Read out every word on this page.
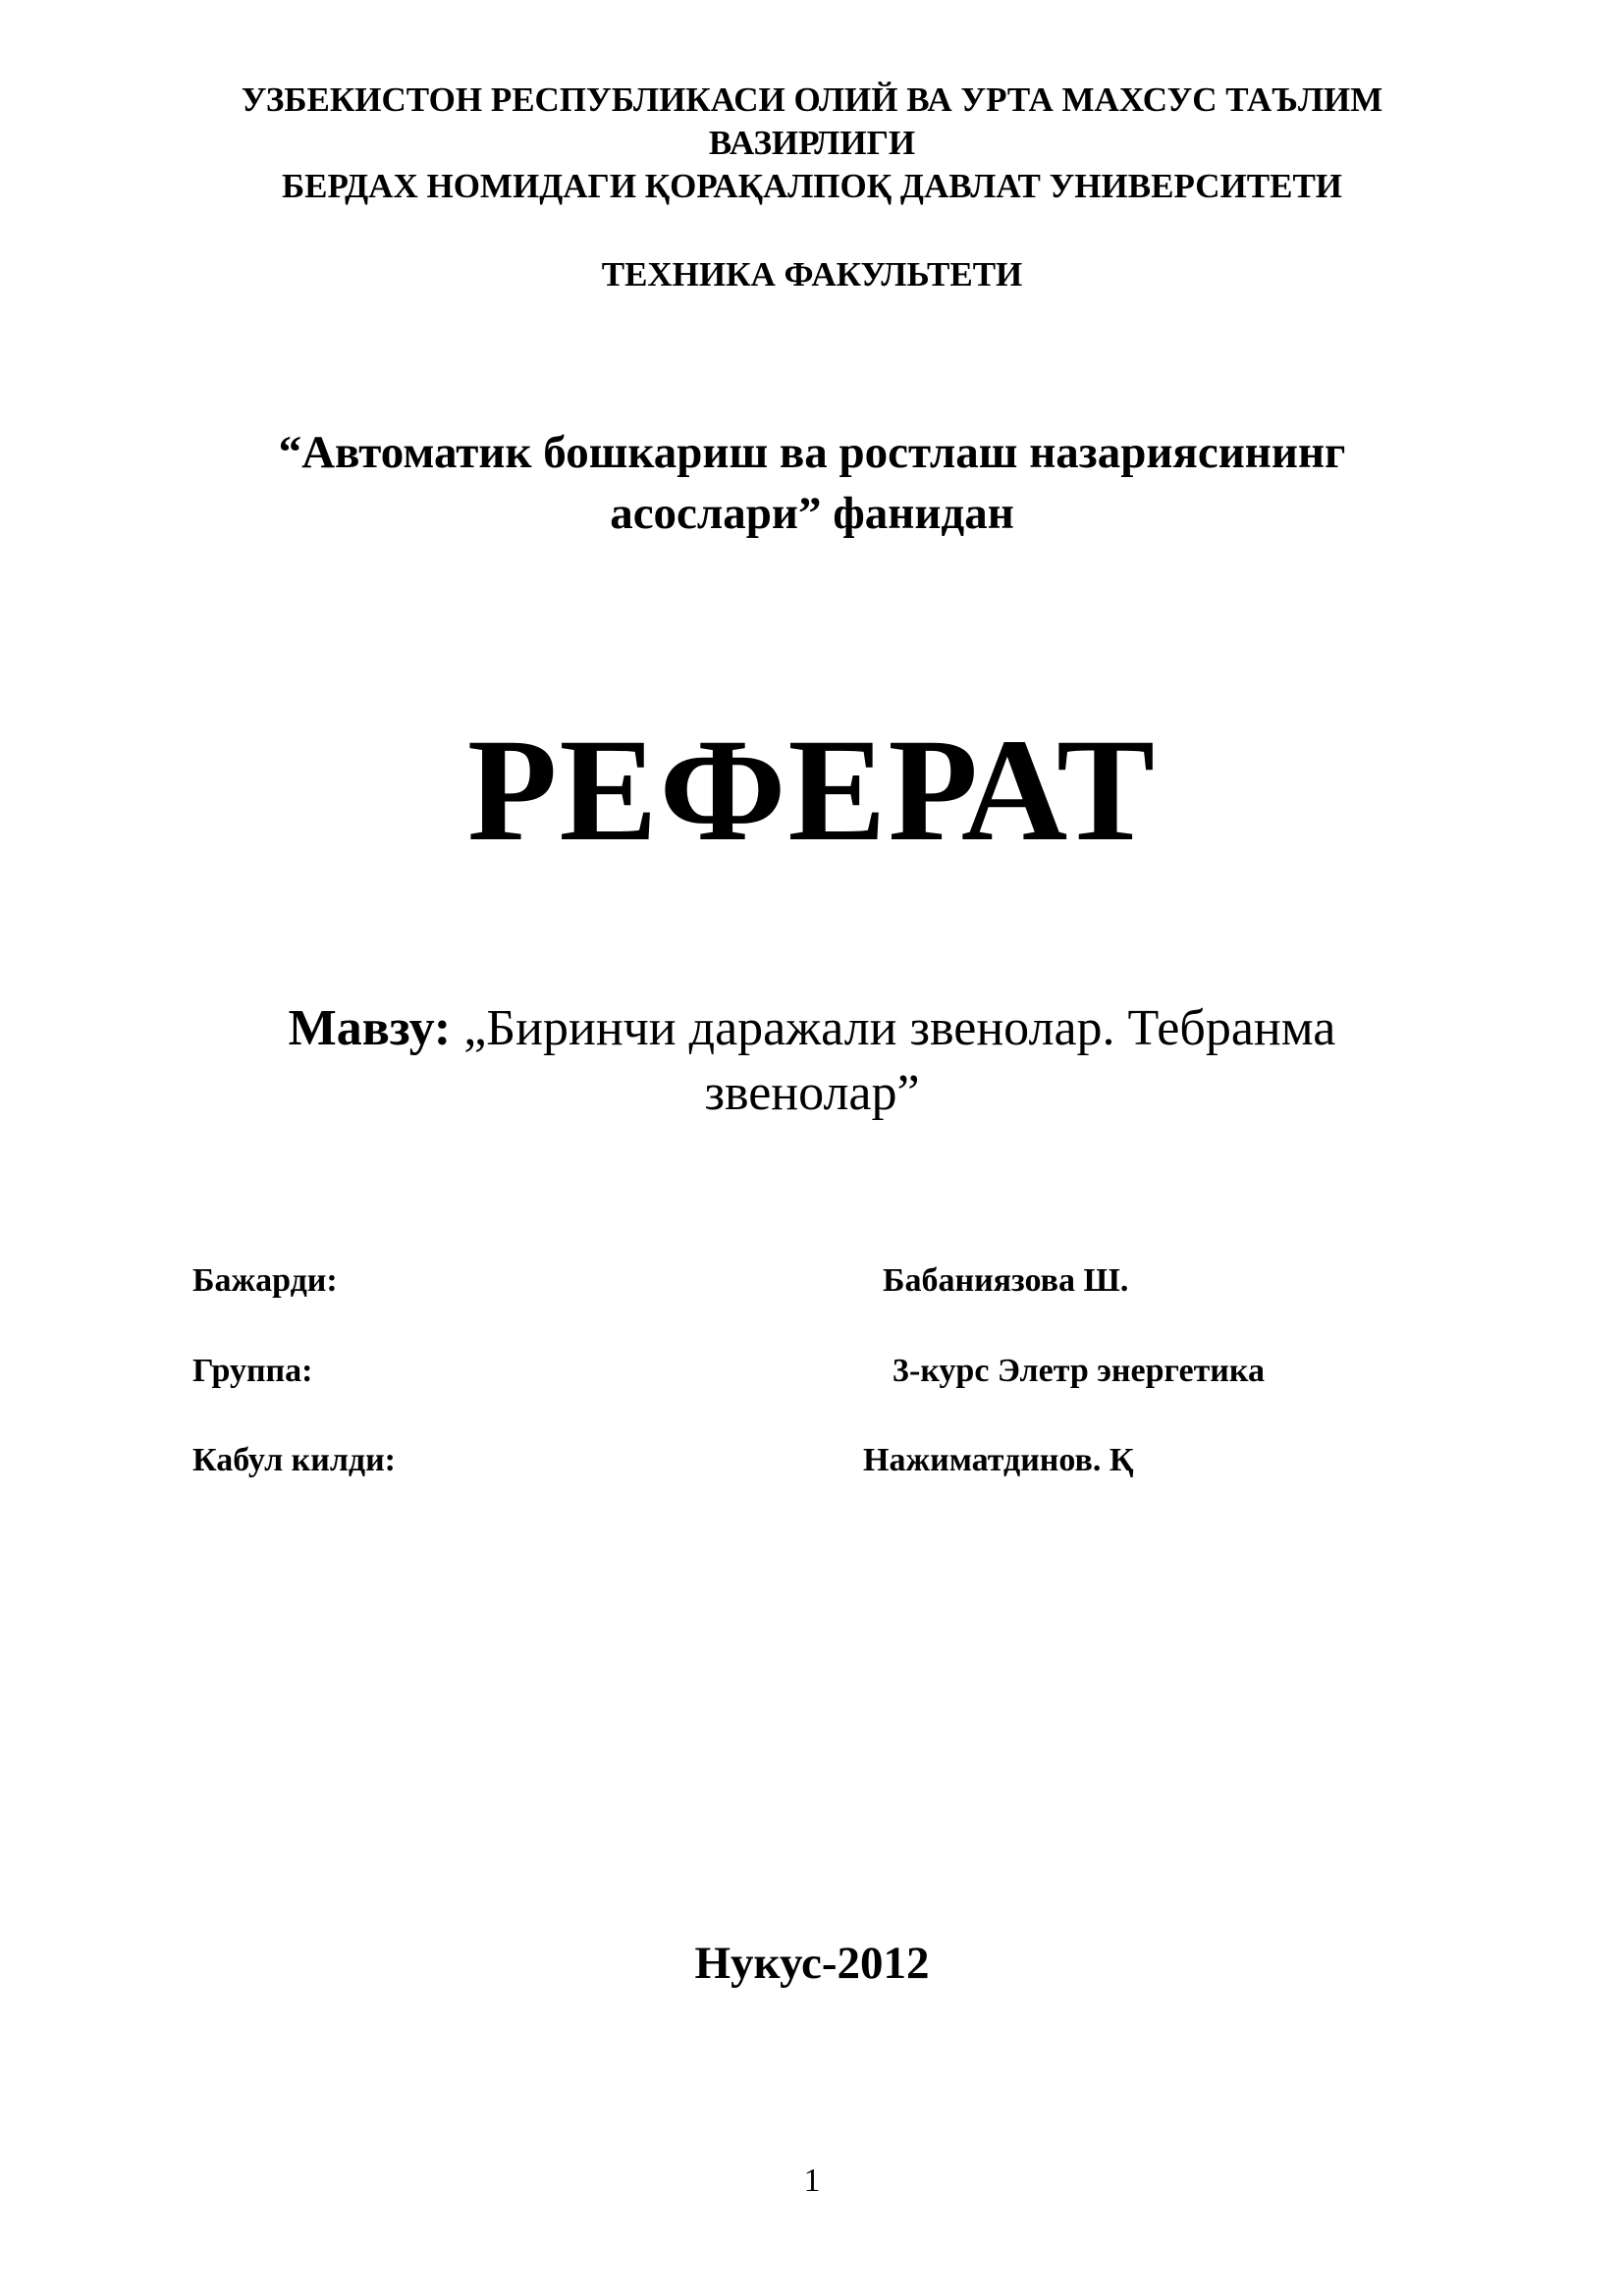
УЗБЕКИСТОН РЕСПУБЛИКАСИ ОЛИЙ ВА УРТА МАХСУС ТАЪЛИМ
ВАЗИРЛИГИ
БЕРДАХ НОМИДАГИ ҚОРАҚАЛПОҚ ДАВЛАТ УНИВЕРСИТЕТИ
ТЕХНИКА ФАКУЛЬТЕТИ
“Автоматик бошкариш ва ростлаш назариясининг
асослари” фанидан
РЕФЕРАТ
Мавзу: „Биринчи даражали звенолар. Тебранма
звенолар”
Бажарди:	Бабаниязова Ш.
Группа:	3-курс Элетр энергетика
Кабул килди:	Нажиматдинов. Қ
Нукус-2012
1
